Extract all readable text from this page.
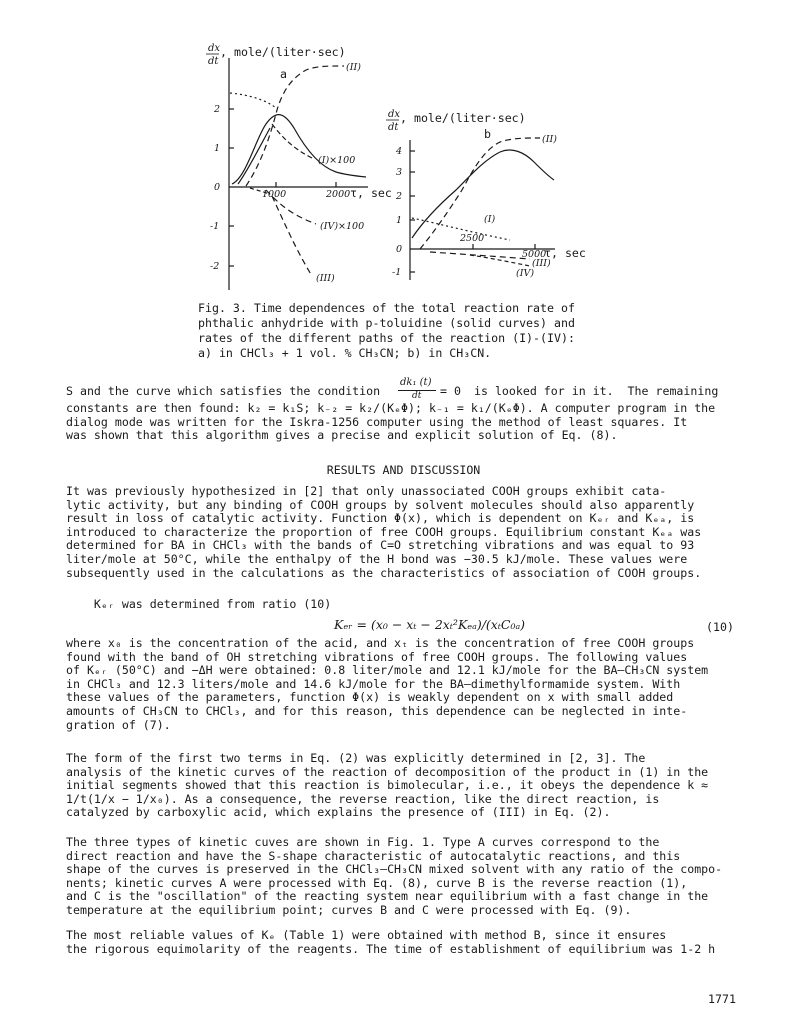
dx
dt
, mole/(liter·sec)
a	(II)
2
1
0
-1
-2
(I)×100
1000	2000 τ, sec
(IV)×100
(III)
dx
dt
, mole/(liter·sec)
b	(II)
4
3
2
1
0
-1
(I)
2500
5000
τ, sec
(III)
(IV)

Fig. 3. Time dependences of the total reaction rate of

phthalic anhydride with p-toluidine (solid curves) and

rates of the different paths of the reaction (I)-(IV):

a) in CHCl₃ + 1 vol. % CH₃CN; b) in CH₃CN.

S and the curve which satisfies the condition
dk₁ (t)
dt = 0 is looked for in it.  The remaining

constants are then found: k₂ = k₁S; k₋₂ = k₂/(KₑΦ); k₋₁ = k₁/(KₑΦ). A computer program in the

dialog mode was written for the Iskra-1256 computer using the method of least squares. It

was shown that this algorithm gives a precise and explicit solution of Eq. (8).

RESULTS AND DISCUSSION

It was previously hypothesized in [2] that only unassociated COOH groups exhibit cata-

lytic activity, but any binding of COOH groups by solvent molecules should also apparently

result in loss of catalytic activity. Function Φ(x), which is dependent on Kₑᵣ and Kₑₐ, is

introduced to characterize the proportion of free COOH groups. Equilibrium constant Kₑₐ was

determined for BA in CHCl₃ with the bands of C=O stretching vibrations and was equal to 93

liter/mole at 50°C, while the enthalpy of the H bond was −30.5 kJ/mole. These values were

subsequently used in the calculations as the characteristics of association of COOH groups.

Kₑᵣ was determined from ratio (10)
Kₑᵣ = (x₀ − xₜ − 2xₜ²Kₑₐ)/(xₜC₀ₐ)	(10)

where x₀ is the concentration of the acid, and xₜ is the concentration of free COOH groups

found with the band of OH stretching vibrations of free COOH groups. The following values

of Kₑᵣ (50°C) and −ΔH were obtained: 0.8 liter/mole and 12.1 kJ/mole for the BA–CH₃CN system

in CHCl₃ and 12.3 liters/mole and 14.6 kJ/mole for the BA–dimethylformamide system. With

these values of the parameters, function Φ(x) is weakly dependent on x with small added

amounts of CH₃CN to CHCl₃, and for this reason, this dependence can be neglected in inte-

gration of (7).

The form of the first two terms in Eq. (2) was explicitly determined in [2, 3]. The

analysis of the kinetic curves of the reaction of decomposition of the product in (1) in the

initial segments showed that this reaction is bimolecular, i.e., it obeys the dependence k ≈

1/t(1/x − 1/x₀). As a consequence, the reverse reaction, like the direct reaction, is

catalyzed by carboxylic acid, which explains the presence of (III) in Eq. (2).

The three types of kinetic cuves are shown in Fig. 1. Type A curves correspond to the

direct reaction and have the S-shape characteristic of autocatalytic reactions, and this

shape of the curves is preserved in the CHCl₃–CH₃CN mixed solvent with any ratio of the compo-

nents; kinetic curves A were processed with Eq. (8), curve B is the reverse reaction (1),

and C is the "oscillation" of the reacting system near equilibrium with a fast change in the

temperature at the equilibrium point; curves B and C were processed with Eq. (9).

The most reliable values of Kₑ (Table 1) were obtained with method B, since it ensures

the rigorous equimolarity of the reagents. The time of establishment of equilibrium was 1-2 h

1771
